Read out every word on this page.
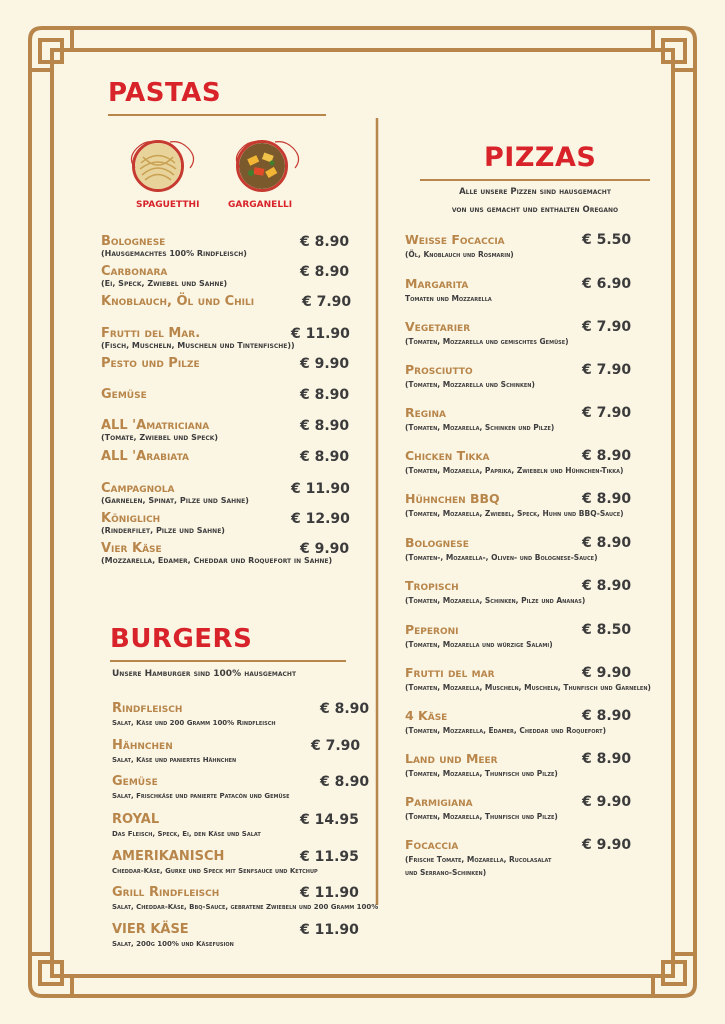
PASTAS
SPAGUETTHI	GARGANELLI
Bolognese	€ 8.90
(Hausgemachtes 100% Rindfleisch)
Carbonara	€ 8.90
(Ei, Speck, Zwiebel und Sahne)
Knoblauch, Öl und Chili	€ 7.90
Frutti del Mar.	€ 11.90
(Fisch, Muscheln, Muscheln und Tintenfische))
Pesto und Pilze	€ 9.90
Gemüse	€ 8.90
ALL 'Amatriciana	€ 8.90
(Tomate, Zwiebel und Speck)
ALL 'Arabiata	€ 8.90
Campagnola	€ 11.90
(Garnelen, Spinat, Pilze und Sahne)
Königlich	€ 12.90
(Rinderfilet, Pilze und Sahne)
Vier Käse	€ 9.90
(Mozzarella, Edamer, Cheddar und Roquefort in Sahne)
BURGERS
Unsere Hamburger sind 100% hausgemacht
Rindfleisch	€ 8.90
Salat, Käse und 200 Gramm 100% Rindfleisch
Hähnchen	€ 7.90
Salat, Käse und paniertes Hähnchen
Gemüse	€ 8.90
Salat, Frischkäse und panierte Patacón und Gemüse
ROYAL	€ 14.95
Das Fleisch, Speck, Ei, den Käse und Salat
AMERIKANISCH	€ 11.95
Cheddar-Käse, Gurke und Speck mit Senfsauce und Ketchup
Grill Rindfleisch	€ 11.90
Salat, Cheddar-Käse, Bbq-Sauce, gebratene Zwiebeln und 200 Gramm 100%
VIER KÄSE	€ 11.90
Salat, 200g 100% und Käsefusion
PIZZAS
Alle unsere Pizzen sind hausgemacht
von uns gemacht und enthalten Oregano
Weiße Focaccia	€ 5.50
(Öl, Knoblauch und Rosmarin)
Margarita	€ 6.90
Tomaten und Mozzarella
Vegetarier	€ 7.90
(Tomaten, Mozzarella und gemischtes Gemüse)
Prosciutto	€ 7.90
(Tomaten, Mozzarella und Schinken)
Regina	€ 7.90
(Tomaten, Mozarella, Schinken und Pilze)
Chicken Tikka	€ 8.90
(Tomaten, Mozarella, Paprika, Zwiebeln und Hühnchen-Tikka)
Hühnchen BBQ	€ 8.90
(Tomaten, Mozarella, Zwiebel, Speck, Huhn und BBQ-Sauce)
Bolognese	€ 8.90
(Tomaten-, Mozarella-, Oliven- und Bolognese-Sauce)
Tropisch	€ 8.90
(Tomaten, Mozarella, Schinken, Pilze und Ananas)
Peperoni	€ 8.50
(Tomaten, Mozarella und würzige Salami)
Frutti del mar	€ 9.90
(Tomaten, Mozarella, Muscheln, Muscheln, Thunfisch und Garnelen)
4 Käse	€ 8.90
(Tomaten, Mozzarella, Edamer, Cheddar und Roquefort)
Land und Meer	€ 8.90
(Tomaten, Mozarella, Thunfisch und Pilze)
Parmigiana	€ 9.90
(Tomaten, Mozarella, Thunfisch und Pilze)
Focaccia	€ 9.90
(Frische Tomate, Mozarella, Rucolasalat
und Serrano-Schinken)
